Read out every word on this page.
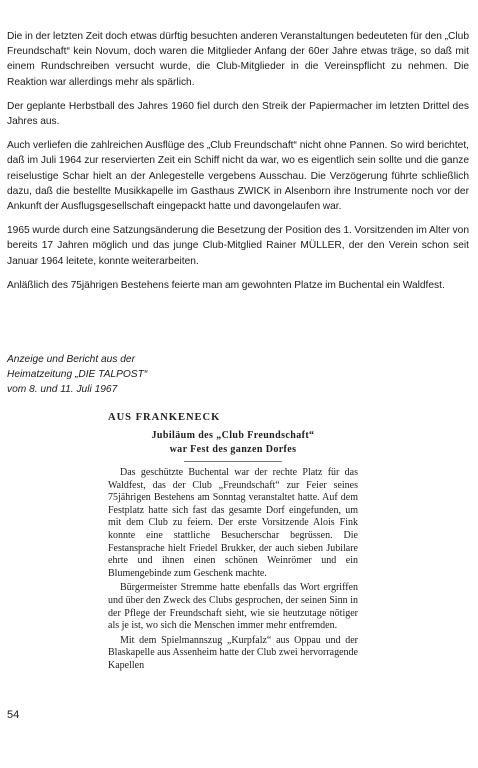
Die in der letzten Zeit doch etwas dürftig besuchten anderen Veranstaltungen bedeuteten für den „Club Freundschaft“ kein Novum, doch waren die Mitglieder Anfang der 60er Jahre etwas träge, so daß mit einem Rundschreiben versucht wurde, die Club-Mitglieder in die Vereinspflicht zu nehmen. Die Reaktion war allerdings mehr als spärlich.

Der geplante Herbstball des Jahres 1960 fiel durch den Streik der Papiermacher im letzten Drittel des Jahres aus.

Auch verliefen die zahlreichen Ausflüge des „Club Freundschaft“ nicht ohne Pannen. So wird berichtet, daß im Juli 1964 zur reservierten Zeit ein Schiff nicht da war, wo es eigentlich sein sollte und die ganze reiselustige Schar hielt an der Anlegestelle vergebens Ausschau. Die Verzögerung führte schließlich dazu, daß die bestellte Musikkapelle im Gasthaus ZWICK in Alsenborn ihre Instrumente noch vor der Ankunft der Ausflugsgesellschaft eingepackt hatte und davongelaufen war.

1965 wurde durch eine Satzungsänderung die Besetzung der Position des 1. Vorsitzenden im Alter von bereits 17 Jahren möglich und das junge Club-Mitglied Rainer MÜLLER, der den Verein schon seit Januar 1964 leitete, konnte weiterarbeiten.

Anläßlich des 75jährigen Bestehens feierte man am gewohnten Platze im Buchental ein Waldfest.

Anzeige und Bericht aus der

Heimatzeitung „DIE TALPOST“

vom 8. und 11. Juli 1967

AUS FRANKENECK

Jubiläum des „Club Freundschaft“

war Fest des ganzen Dorfes

Das geschützte Buchental war der rechte Platz für das Waldfest, das der Club „Freundschaft“ zur Feier seines 75jährigen Bestehens am Sonntag veranstaltet hatte. Auf dem Festplatz hatte sich fast das gesamte Dorf eingefunden, um mit dem Club zu feiern. Der erste Vorsitzende Alois Fink konnte eine stattliche Besucherschar begrüssen. Die Festansprache hielt Friedel Brukker, der auch sieben Jubilare ehrte und ihnen einen schönen Weinrömer und ein Blumengebinde zum Geschenk machte.

Bürgermeister Stremme hatte ebenfalls das Wort ergriffen und über den Zweck des Clubs gesprochen, der seinen Sinn in der Pflege der Freundschaft sieht, wie sie heutzutage nötiger als je ist, wo sich die Menschen immer mehr entfremden.

Mit dem Spielmannszug „Kurpfalz“ aus Oppau und der Blaskapelle aus Assenheim hatte der Club zwei hervorragende Kapellen

54
